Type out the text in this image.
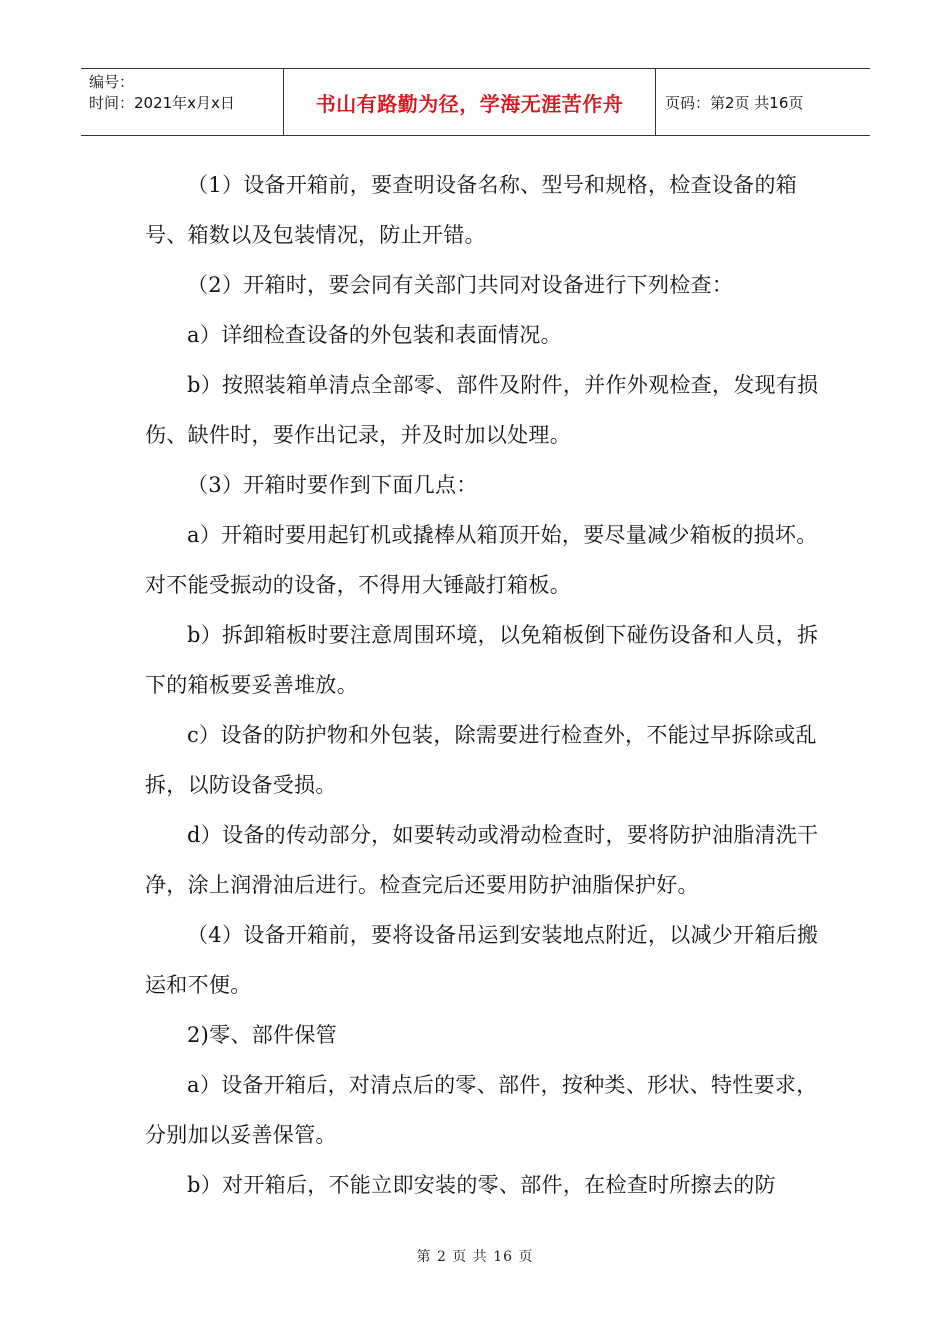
编号：
时间：2021年x月x日	书山有路勤为径，学海无涯苦作舟	页码：第2页 共16页

（1）设备开箱前，要查明设备名称、型号和规格，检查设备的箱号、箱数以及包装情况，防止开错。

（2）开箱时，要会同有关部门共同对设备进行下列检查：

a）详细检查设备的外包装和表面情况。

b）按照装箱单清点全部零、部件及附件，并作外观检查，发现有损伤、缺件时，要作出记录，并及时加以处理。

（3）开箱时要作到下面几点：

a）开箱时要用起钉机或撬棒从箱顶开始，要尽量减少箱板的损坏。对不能受振动的设备，不得用大锤敲打箱板。

b）拆卸箱板时要注意周围环境，以免箱板倒下碰伤设备和人员，拆下的箱板要妥善堆放。

c）设备的防护物和外包装，除需要进行检查外，不能过早拆除或乱拆，以防设备受损。

d）设备的传动部分，如要转动或滑动检查时，要将防护油脂清洗干净，涂上润滑油后进行。检查完后还要用防护油脂保护好。

（4）设备开箱前，要将设备吊运到安装地点附近，以减少开箱后搬运和不便。

2)零、部件保管

a）设备开箱后，对清点后的零、部件，按种类、形状、特性要求，分别加以妥善保管。

b）对开箱后，不能立即安装的零、部件，在检查时所擦去的防

第 2 页 共 16 页
